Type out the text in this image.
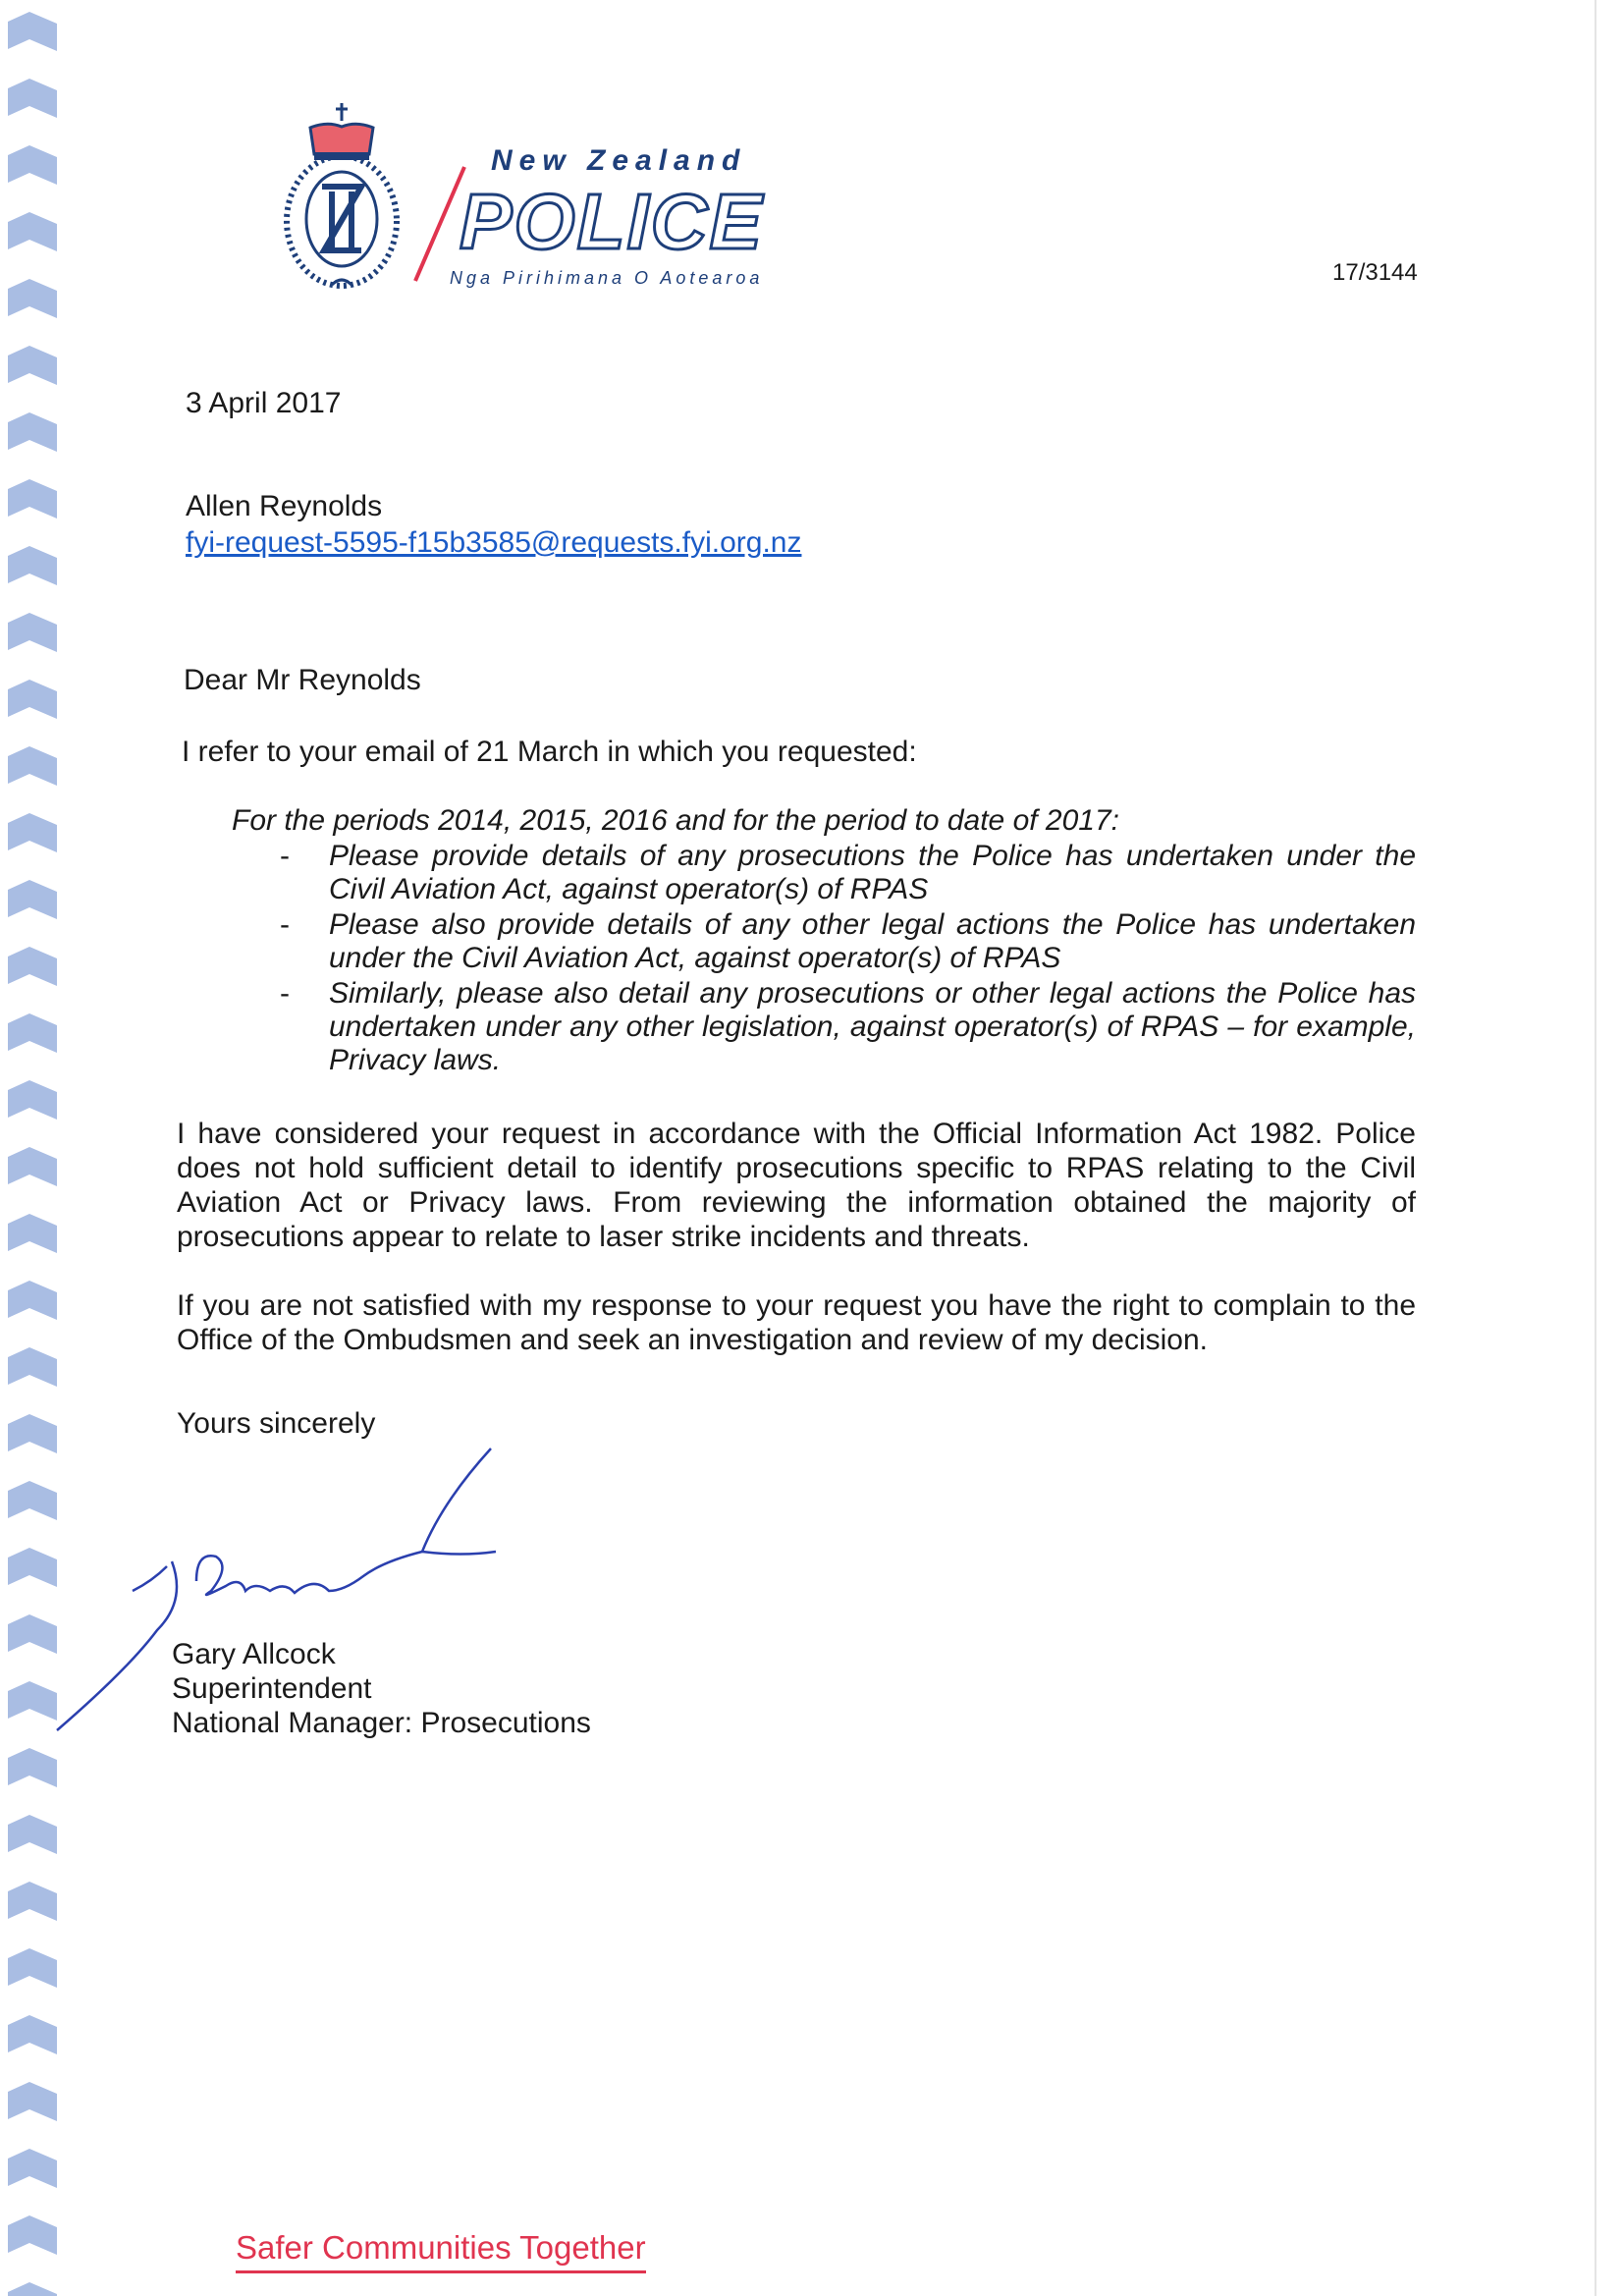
New Zealand
POLICE
Nga Pirihimana O Aotearoa	17/3144
3 April 2017
Allen Reynolds
fyi-request-5595-f15b3585@requests.fyi.org.nz
Dear Mr Reynolds
I refer to your email of 21 March in which you requested:
For the periods 2014, 2015, 2016 and for the period to date of 2017:
-	Please provide details of any prosecutions the Police has undertaken under the Civil Aviation Act, against operator(s) of RPAS
-	Please also provide details of any other legal actions the Police has undertaken under the Civil Aviation Act, against operator(s) of RPAS
-	Similarly, please also detail any prosecutions or other legal actions the Police has undertaken under any other legislation, against operator(s) of RPAS – for example, Privacy laws.
I have considered your request in accordance with the Official Information Act 1982. Police does not hold sufficient detail to identify prosecutions specific to RPAS relating to the Civil Aviation Act or Privacy laws. From reviewing the information obtained the majority of prosecutions appear to relate to laser strike incidents and threats.
If you are not satisfied with my response to your request you have the right to complain to the Office of the Ombudsmen and seek an investigation and review of my decision.
Yours sincerely
Gary Allcock
Superintendent
National Manager: Prosecutions
Safer Communities Together
